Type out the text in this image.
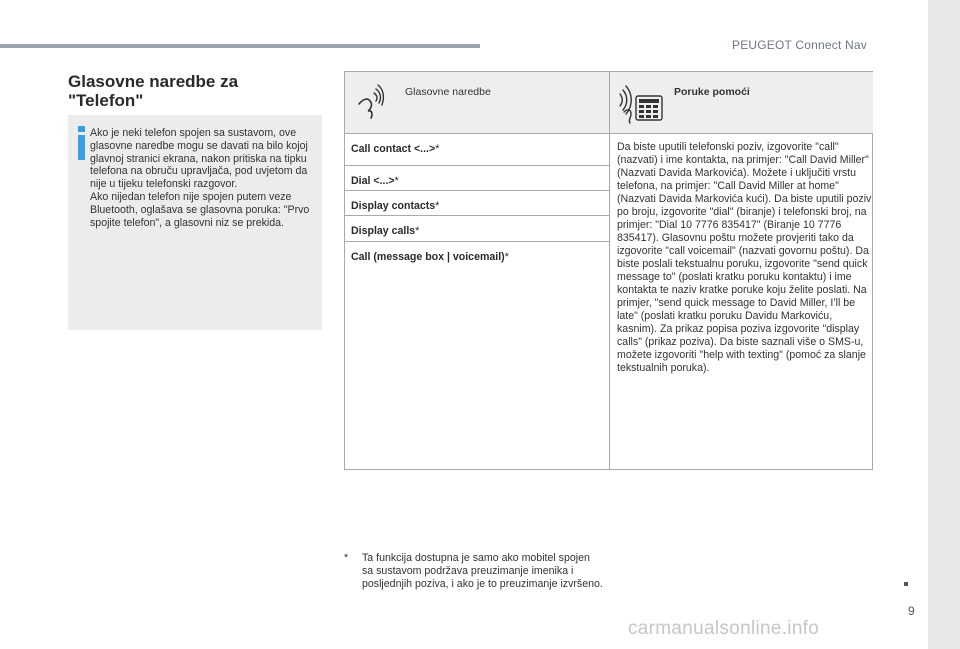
PEUGEOT Connect Nav
Glasovne naredbe za "Telefon"
Ako je neki telefon spojen sa sustavom, ove glasovne naredbe mogu se davati na bilo kojoj glavnoj stranici ekrana, nakon pritiska na tipku telefona na obruču upravljača, pod uvjetom da nije u tijeku telefonski razgovor.
Ako nijedan telefon nije spojen putem veze Bluetooth, oglašava se glasovna poruka: "Prvo spojite telefon", a glasovni niz se prekida.
Glasovne naredbe	Poruke pomoći
Call contact <...>*
Dial <...>*
Display contacts*
Display calls*
Call (message box | voicemail)*
Da biste uputili telefonski poziv, izgovorite "call" (nazvati) i ime kontakta, na primjer: "Call David Miller" (Nazvati Davida Markovića). Možete i uključiti vrstu telefona, na primjer: "Call David Miller at home" (Nazvati Davida Markovića kući). Da biste uputili poziv po broju, izgovorite "dial" (biranje) i telefonski broj, na primjer: "Dial 10 7776 835417" (Biranje 10 7776 835417). Glasovnu poštu možete provjeriti tako da izgovorite "call voicemail" (nazvati govornu poštu). Da biste poslali tekstualnu poruku, izgovorite "send quick message to" (poslati kratku poruku kontaktu) i ime kontakta te naziv kratke poruke koju želite poslati. Na primjer, "send quick message to David Miller, I’ll be late" (poslati kratku poruku Davidu Markoviću, kasnim). Za prikaz popisa poziva izgovorite "display calls" (prikaz poziva). Da biste saznali više o SMS-u, možete izgovoriti "help with texting" (pomoć za slanje tekstualnih poruka).
* Ta funkcija dostupna je samo ako mobitel spojen sa sustavom podržava preuzimanje imenika i posljednjih poziva, i ako je to preuzimanje izvršeno.
9
carmanualsonline.info
